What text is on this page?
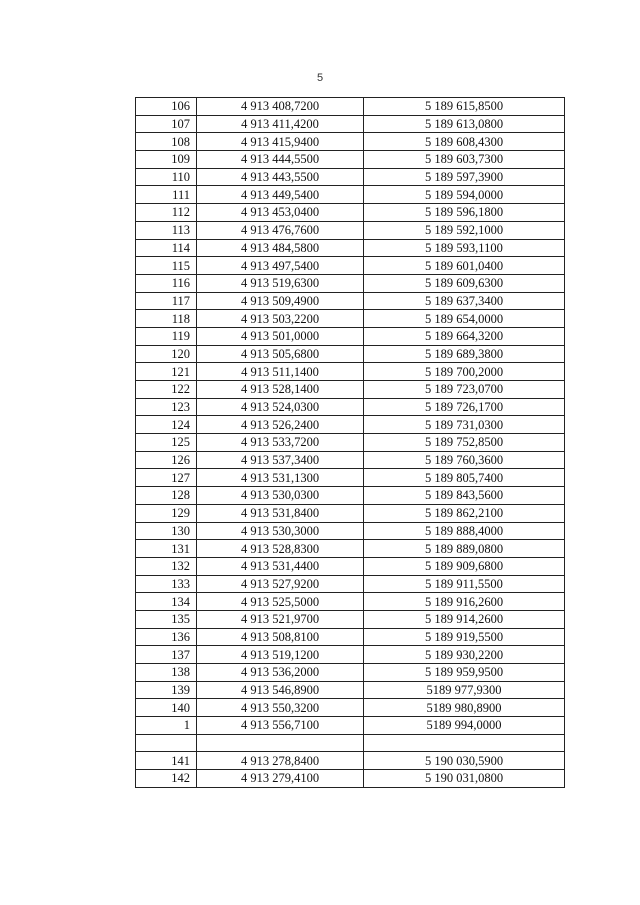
5
106	4 913 408,7200	5 189 615,8500
107	4 913 411,4200	5 189 613,0800
108	4 913 415,9400	5 189 608,4300
109	4 913 444,5500	5 189 603,7300
110	4 913 443,5500	5 189 597,3900
111	4 913 449,5400	5 189 594,0000
112	4 913 453,0400	5 189 596,1800
113	4 913 476,7600	5 189 592,1000
114	4 913 484,5800	5 189 593,1100
115	4 913 497,5400	5 189 601,0400
116	4 913 519,6300	5 189 609,6300
117	4 913 509,4900	5 189 637,3400
118	4 913 503,2200	5 189 654,0000
119	4 913 501,0000	5 189 664,3200
120	4 913 505,6800	5 189 689,3800
121	4 913 511,1400	5 189 700,2000
122	4 913 528,1400	5 189 723,0700
123	4 913 524,0300	5 189 726,1700
124	4 913 526,2400	5 189 731,0300
125	4 913 533,7200	5 189 752,8500
126	4 913 537,3400	5 189 760,3600
127	4 913 531,1300	5 189 805,7400
128	4 913 530,0300	5 189 843,5600
129	4 913 531,8400	5 189 862,2100
130	4 913 530,3000	5 189 888,4000
131	4 913 528,8300	5 189 889,0800
132	4 913 531,4400	5 189 909,6800
133	4 913 527,9200	5 189 911,5500
134	4 913 525,5000	5 189 916,2600
135	4 913 521,9700	5 189 914,2600
136	4 913 508,8100	5 189 919,5500
137	4 913 519,1200	5 189 930,2200
138	4 913 536,2000	5 189 959,9500
139	4 913 546,8900	5189 977,9300
140	4 913 550,3200	5189 980,8900
1	4 913 556,7100	5189 994,0000

141	4 913 278,8400	5 190 030,5900
142	4 913 279,4100	5 190 031,0800
